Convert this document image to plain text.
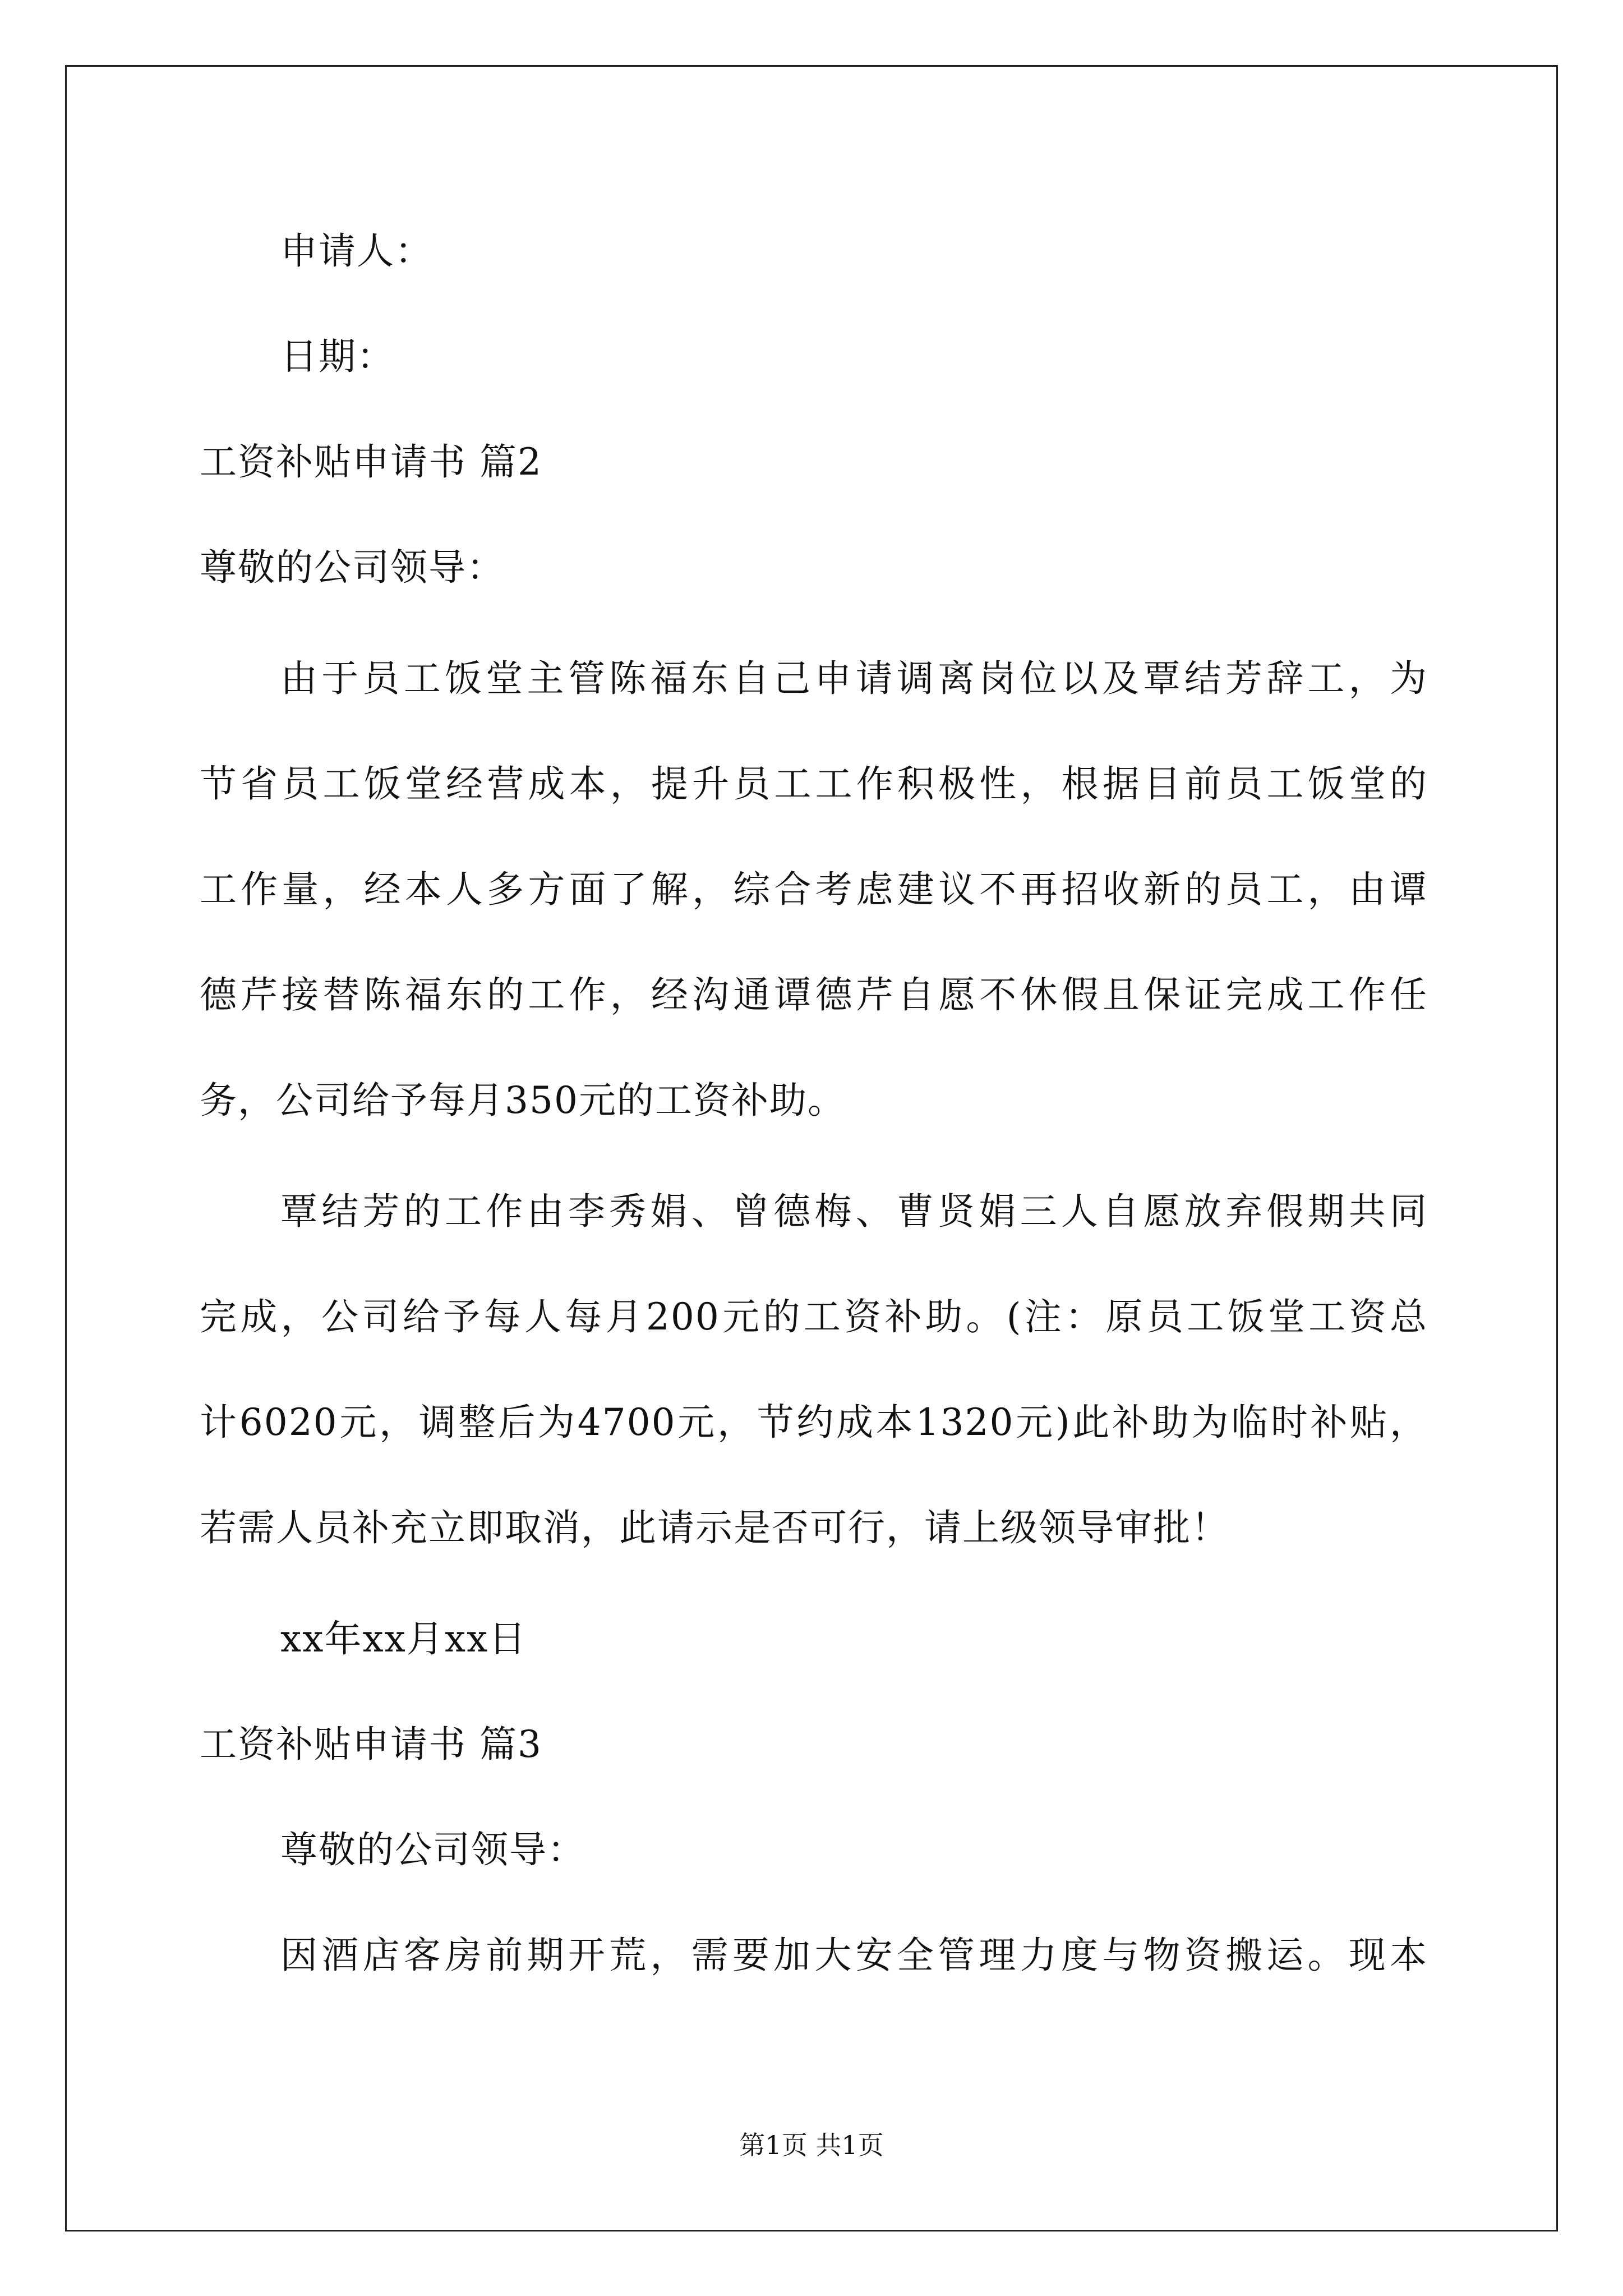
申请人：
日期：
工资补贴申请书 篇2
尊敬的公司领导：
由于员工饭堂主管陈福东自己申请调离岗位以及覃结芳辞工，为
节省员工饭堂经营成本，提升员工工作积极性，根据目前员工饭堂的
工作量，经本人多方面了解，综合考虑建议不再招收新的员工，由谭
德芹接替陈福东的工作，经沟通谭德芹自愿不休假且保证完成工作任
务，公司给予每月350元的工资补助。
覃结芳的工作由李秀娟、曾德梅、曹贤娟三人自愿放弃假期共同
完成，公司给予每人每月200元的工资补助。(注：原员工饭堂工资总
计6020元，调整后为4700元，节约成本1320元)此补助为临时补贴，
若需人员补充立即取消，此请示是否可行，请上级领导审批！
xx年xx月xx日
工资补贴申请书 篇3
尊敬的公司领导：
因酒店客房前期开荒，需要加大安全管理力度与物资搬运。现本
第1页 共1页
